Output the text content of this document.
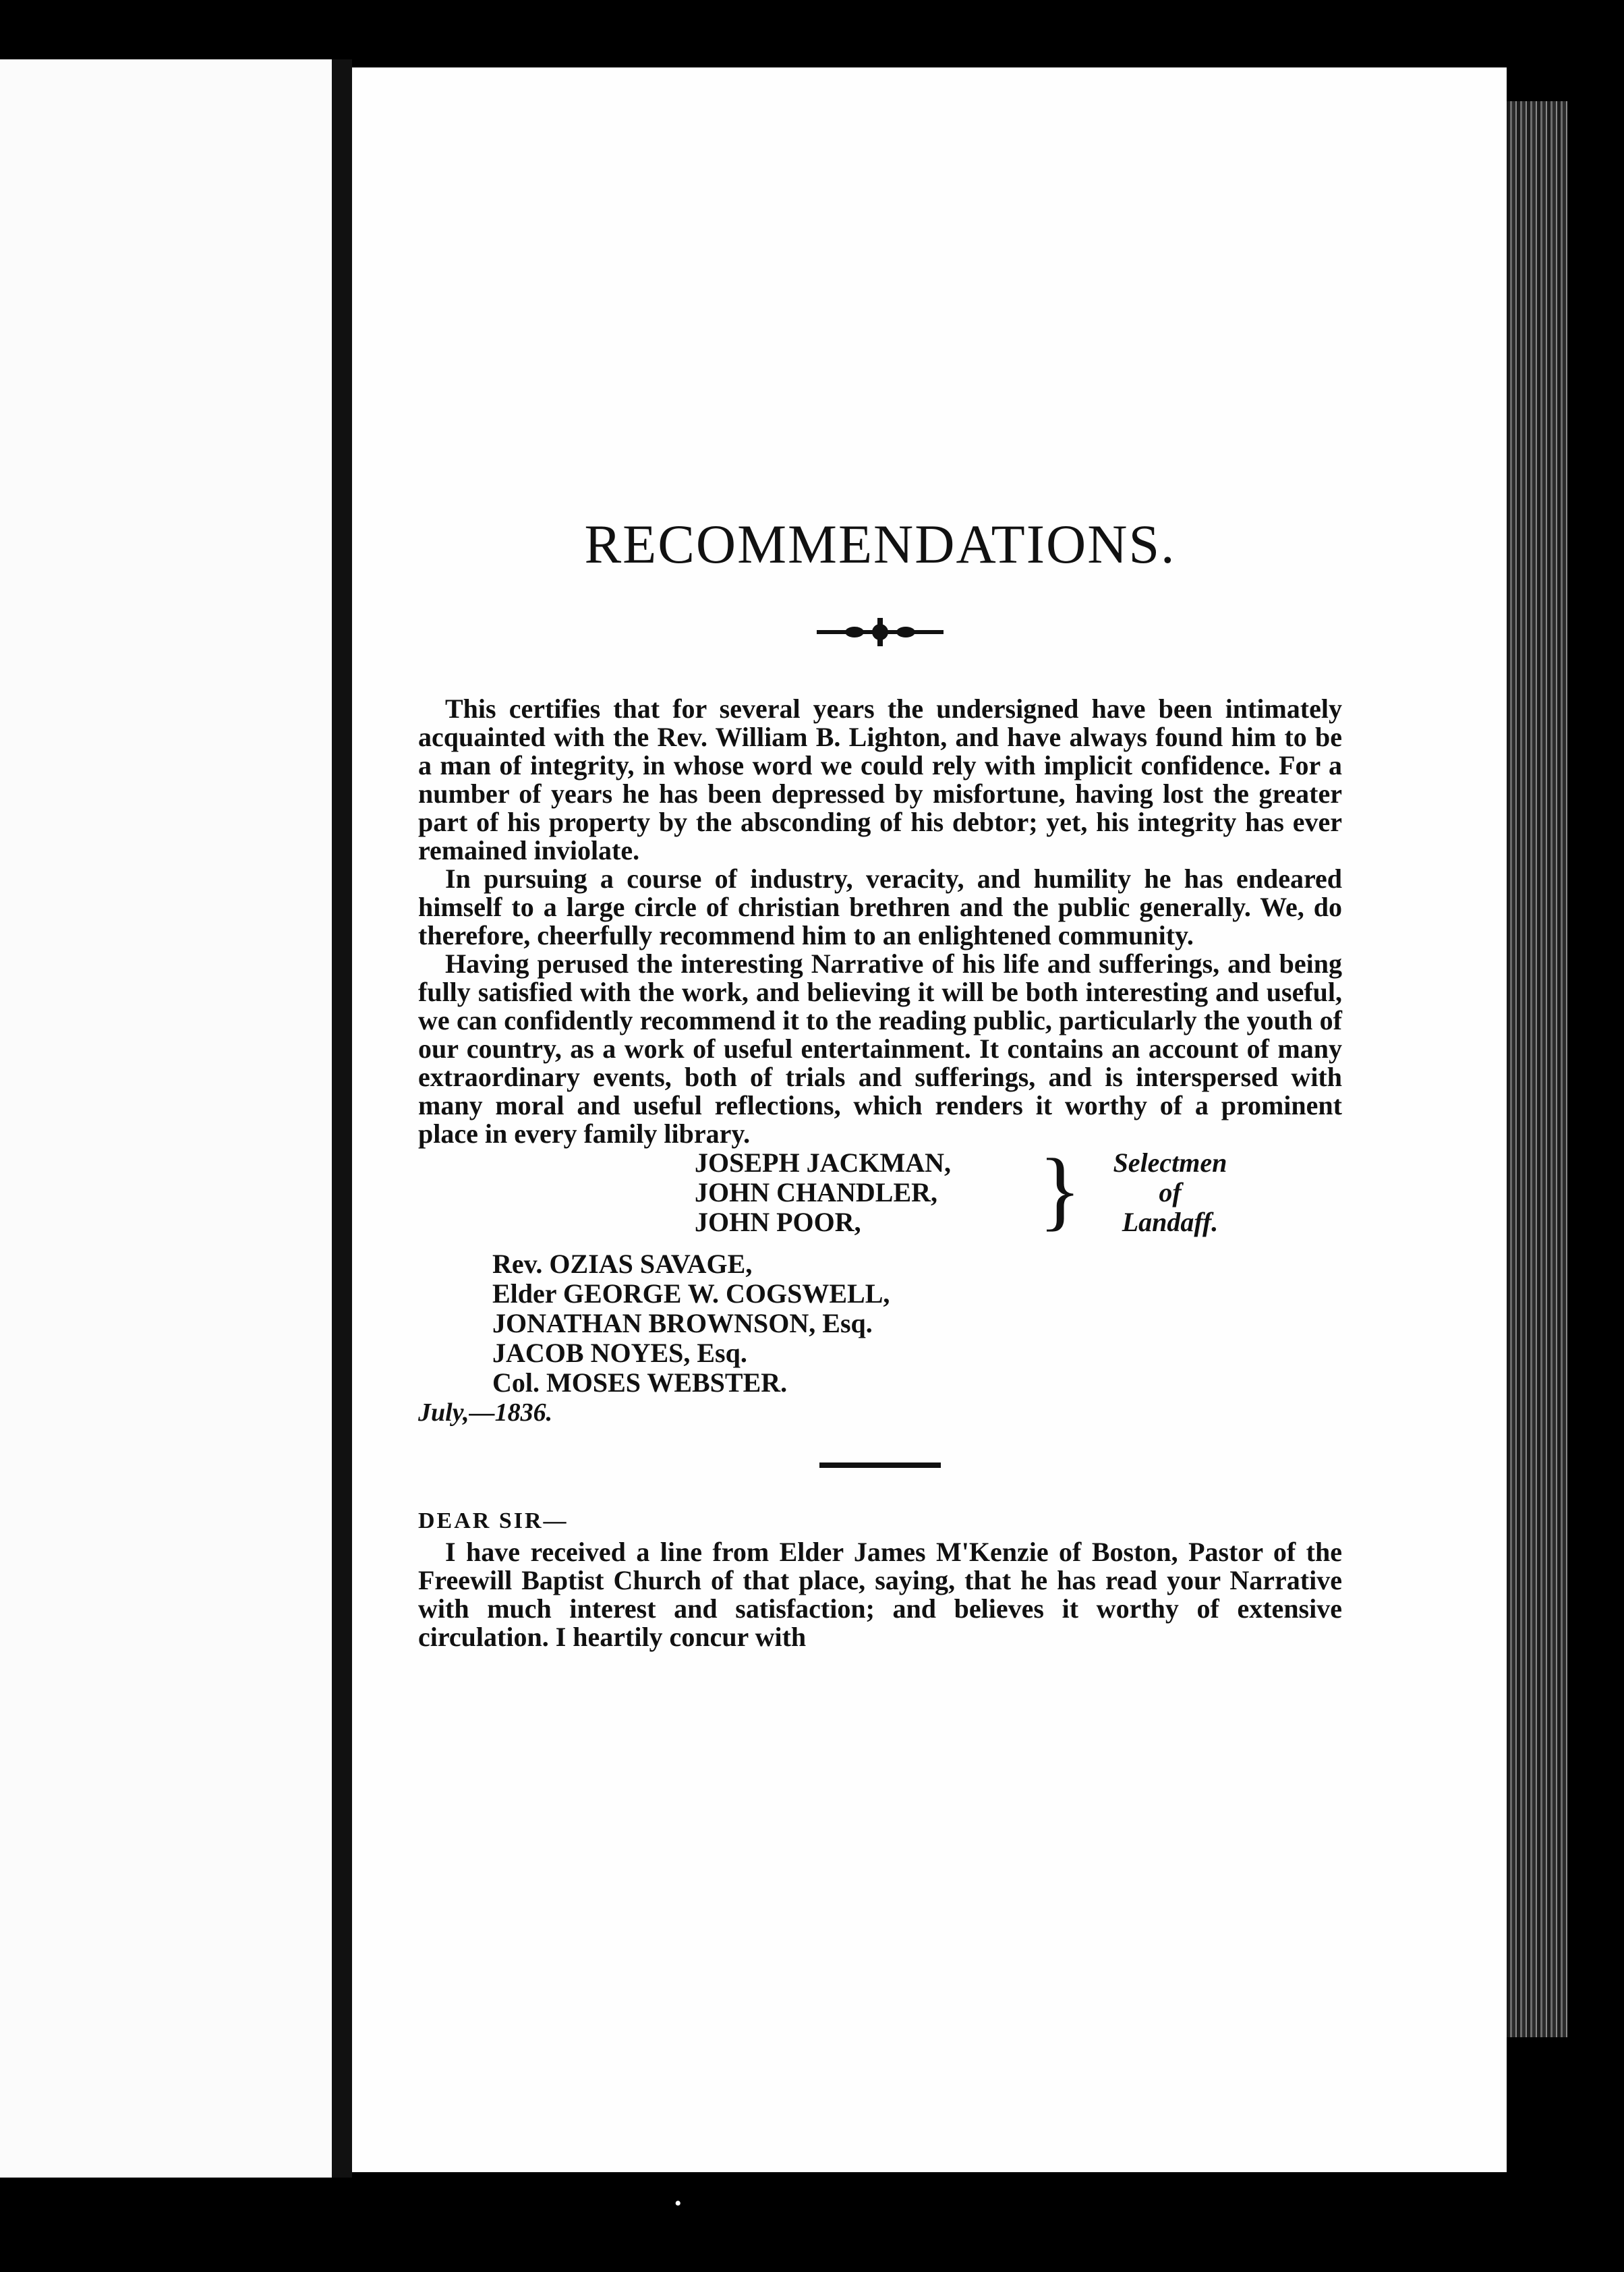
RECOMMENDATIONS.

This certifies that for several years the undersigned have been intimately acquainted with the Rev. William B. Lighton, and have always found him to be a man of integrity, in whose word we could rely with implicit confidence. For a number of years he has been depressed by misfortune, having lost the greater part of his property by the absconding of his debtor; yet, his integrity has ever remained inviolate.

In pursuing a course of industry, veracity, and humility he has endeared himself to a large circle of christian brethren and the public generally. We, do therefore, cheerfully recommend him to an enlightened community.

Having perused the interesting Narrative of his life and sufferings, and being fully satisfied with the work, and believing it will be both interesting and useful, we can confidently recommend it to the reading public, particularly the youth of our country, as a work of useful entertainment. It contains an account of many extraordinary events, both of trials and sufferings, and is interspersed with many moral and useful reflections, which renders it worthy of a prominent place in every family library.

JOSEPH JACKMAN,
JOHN CHANDLER,
JOHN POOR,	}	Selectmen
of
Landaff.
Rev. OZIAS SAVAGE,
Elder GEORGE W. COGSWELL,
JONATHAN BROWNSON, Esq.
JACOB NOYES, Esq.
Col. MOSES WEBSTER.
July,—1836.
DEAR SIR—

I have received a line from Elder James M'Kenzie of Boston, Pastor of the Freewill Baptist Church of that place, saying, that he has read your Narrative with much interest and satisfaction; and believes it worthy of extensive circulation. I heartily concur with

•
